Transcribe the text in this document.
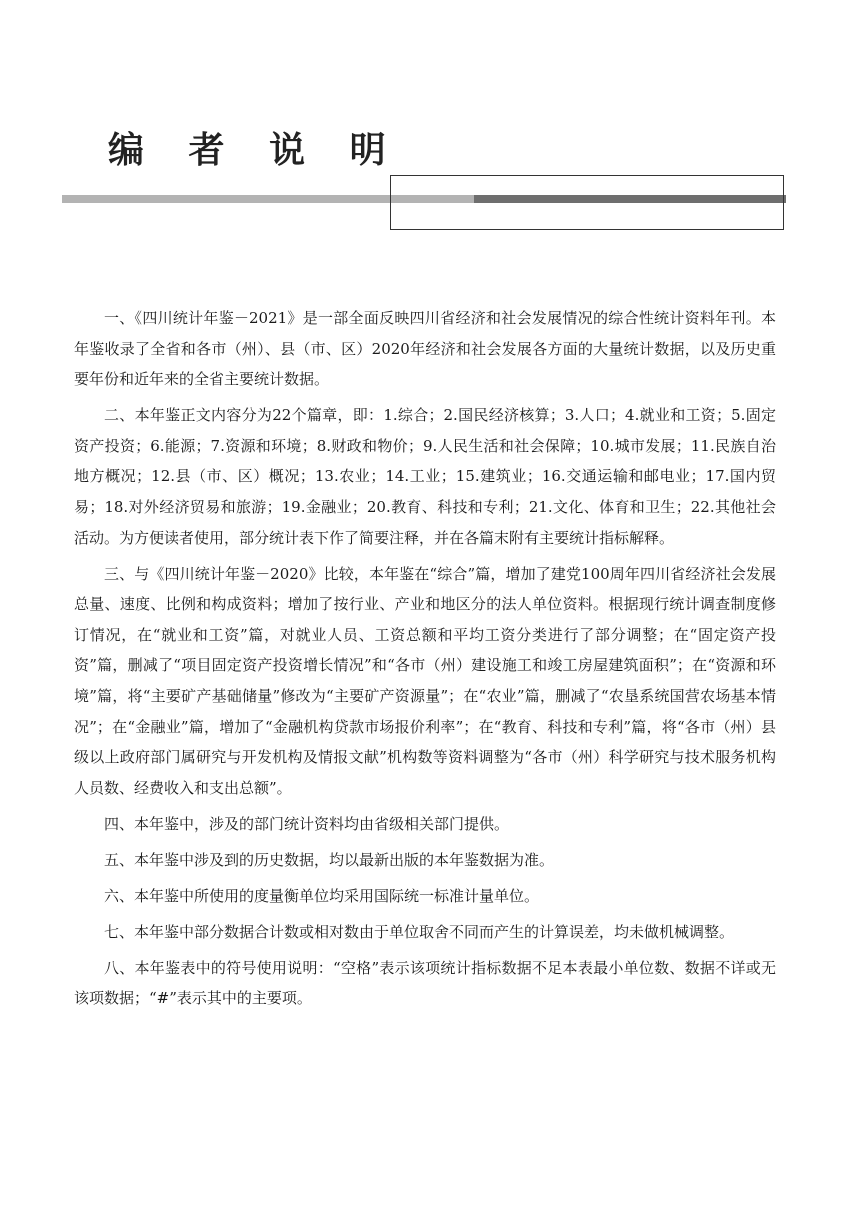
编 者 说 明

一、《四川统计年鉴－2021》是一部全面反映四川省经济和社会发展情况的综合性统计资料年刊。本年鉴收录了全省和各市（州）、县（市、区）2020年经济和社会发展各方面的大量统计数据，以及历史重要年份和近年来的全省主要统计数据。

二、本年鉴正文内容分为22个篇章，即：1.综合；2.国民经济核算；3.人口；4.就业和工资；5.固定资产投资；6.能源；7.资源和环境；8.财政和物价；9.人民生活和社会保障；10.城市发展；11.民族自治地方概况；12.县（市、区）概况；13.农业；14.工业；15.建筑业；16.交通运输和邮电业；17.国内贸易；18.对外经济贸易和旅游；19.金融业；20.教育、科技和专利；21.文化、体育和卫生；22.其他社会活动。为方便读者使用，部分统计表下作了简要注释，并在各篇末附有主要统计指标解释。

三、与《四川统计年鉴－2020》比较，本年鉴在“综合”篇，增加了建党100周年四川省经济社会发展总量、速度、比例和构成资料；增加了按行业、产业和地区分的法人单位资料。根据现行统计调查制度修订情况，在“就业和工资”篇，对就业人员、工资总额和平均工资分类进行了部分调整；在“固定资产投资”篇，删减了“项目固定资产投资增长情况”和“各市（州）建设施工和竣工房屋建筑面积”；在“资源和环境”篇，将“主要矿产基础储量”修改为“主要矿产资源量”；在“农业”篇，删减了“农垦系统国营农场基本情况”；在“金融业”篇，增加了“金融机构贷款市场报价利率”；在“教育、科技和专利”篇，将“各市（州）县级以上政府部门属研究与开发机构及情报文献”机构数等资料调整为“各市（州）科学研究与技术服务机构人员数、经费收入和支出总额”。

四、本年鉴中，涉及的部门统计资料均由省级相关部门提供。

五、本年鉴中涉及到的历史数据，均以最新出版的本年鉴数据为准。

六、本年鉴中所使用的度量衡单位均采用国际统一标准计量单位。

七、本年鉴中部分数据合计数或相对数由于单位取舍不同而产生的计算误差，均未做机械调整。

八、本年鉴表中的符号使用说明：“空格”表示该项统计指标数据不足本表最小单位数、数据不详或无该项数据；“#”表示其中的主要项。
